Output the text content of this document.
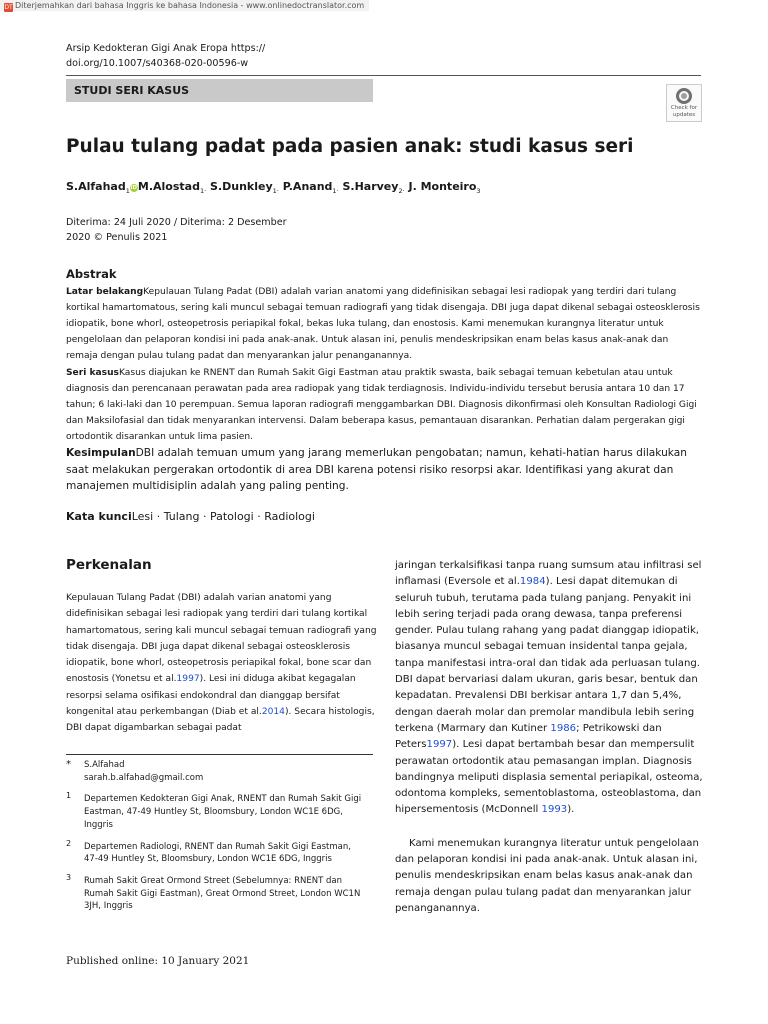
DT Diterjemahkan dari bahasa Inggris ke bahasa Indonesia - www.onlinedoctranslator.com
Arsip Kedokteran Gigi Anak Eropa https://
doi.org/10.1007/s40368-020-00596-w
STUDI SERI KASUS
Check for
updates
Pulau tulang padat pada pasien anak: studi kasus seri
S.Alfahad$_1$iDM.Alostad$_{1\cdot}$ S.Dunkley$_{1\cdot}$ P.Anand$_{1\cdot}$ S.Harvey$_{2\cdot}$ J. Monteiro$_3$
Diterima: 24 Juli 2020 / Diterima: 2 Desember
2020 © Penulis 2021
Abstrak
Latar belakangKepulauan Tulang Padat (DBI) adalah varian anatomi yang didefinisikan sebagai lesi radiopak yang terdiri dari tulang kortikal hamartomatous, sering kali muncul sebagai temuan radiografi yang tidak disengaja. DBI juga dapat dikenal sebagai osteosklerosis idiopatik, bone whorl, osteopetrosis periapikal fokal, bekas luka tulang, dan enostosis. Kami menemukan kurangnya literatur untuk pengelolaan dan pelaporan kondisi ini pada anak-anak. Untuk alasan ini, penulis mendeskripsikan enam belas kasus anak-anak dan remaja dengan pulau tulang padat dan menyarankan jalur penanganannya.
Seri kasusKasus diajukan ke RNENT dan Rumah Sakit Gigi Eastman atau praktik swasta, baik sebagai temuan kebetulan atau untuk diagnosis dan perencanaan perawatan pada area radiopak yang tidak terdiagnosis. Individu-individu tersebut berusia antara 10 dan 17 tahun; 6 laki-laki dan 10 perempuan. Semua laporan radiografi menggambarkan DBI. Diagnosis dikonfirmasi oleh Konsultan Radiologi Gigi dan Maksilofasial dan tidak menyarankan intervensi. Dalam beberapa kasus, pemantauan disarankan. Perhatian dalam pergerakan gigi ortodontik disarankan untuk lima pasien.
KesimpulanDBI adalah temuan umum yang jarang memerlukan pengobatan; namun, kehati-hatian harus dilakukan saat melakukan pergerakan ortodontik di area DBI karena potensi risiko resorpsi akar. Identifikasi yang akurat dan manajemen multidisiplin adalah yang paling penting.
Kata kunciLesi · Tulang · Patologi · Radiologi
Perkenalan
Kepulauan Tulang Padat (DBI) adalah varian anatomi yang didefinisikan sebagai lesi radiopak yang terdiri dari tulang kortikal hamartomatous, sering kali muncul sebagai temuan radiografi yang tidak disengaja. DBI juga dapat dikenal sebagai osteosklerosis idiopatik, bone whorl, osteopetrosis periapikal fokal, bone scar dan enostosis (Yonetsu et al.1997). Lesi ini diduga akibat kegagalan resorpsi selama osifikasi endokondral dan dianggap bersifat kongenital atau perkembangan (Diab et al.2014). Secara histologis, DBI dapat digambarkan sebagai padat
jaringan terkalsifikasi tanpa ruang sumsum atau infiltrasi sel inflamasi (Eversole et al.1984). Lesi dapat ditemukan di seluruh tubuh, terutama pada tulang panjang. Penyakit ini lebih sering terjadi pada orang dewasa, tanpa preferensi gender. Pulau tulang rahang yang padat dianggap idiopatik, biasanya muncul sebagai temuan insidental tanpa gejala, tanpa manifestasi intra-oral dan tidak ada perluasan tulang. DBI dapat bervariasi dalam ukuran, garis besar, bentuk dan kepadatan. Prevalensi DBI berkisar antara 1,7 dan 5,4%, dengan daerah molar dan premolar mandibula lebih sering terkena (Marmary dan Kutiner 1986; Petrikowski dan Peters1997). Lesi dapat bertambah besar dan mempersulit perawatan ortodontik atau pemasangan implan. Diagnosis bandingnya meliputi displasia semental periapikal, osteoma, odontoma kompleks, sementoblastoma, osteoblastoma, dan hipersementosis (McDonnell 1993).
Kami menemukan kurangnya literatur untuk pengelolaan dan pelaporan kondisi ini pada anak-anak. Untuk alasan ini, penulis mendeskripsikan enam belas kasus anak-anak dan remaja dengan pulau tulang padat dan menyarankan jalur penanganannya.
* S.Alfahad
sarah.b.alfahad@gmail.com
1 Departemen Kedokteran Gigi Anak, RNENT dan Rumah Sakit Gigi Eastman, 47-49 Huntley St, Bloomsbury, London WC1E 6DG, Inggris
2 Departemen Radiologi, RNENT dan Rumah Sakit Gigi Eastman, 47-49 Huntley St, Bloomsbury, London WC1E 6DG, Inggris
3 Rumah Sakit Great Ormond Street (Sebelumnya: RNENT dan Rumah Sakit Gigi Eastman), Great Ormond Street, London WC1N 3JH, Inggris
Published online: 10 January 2021
